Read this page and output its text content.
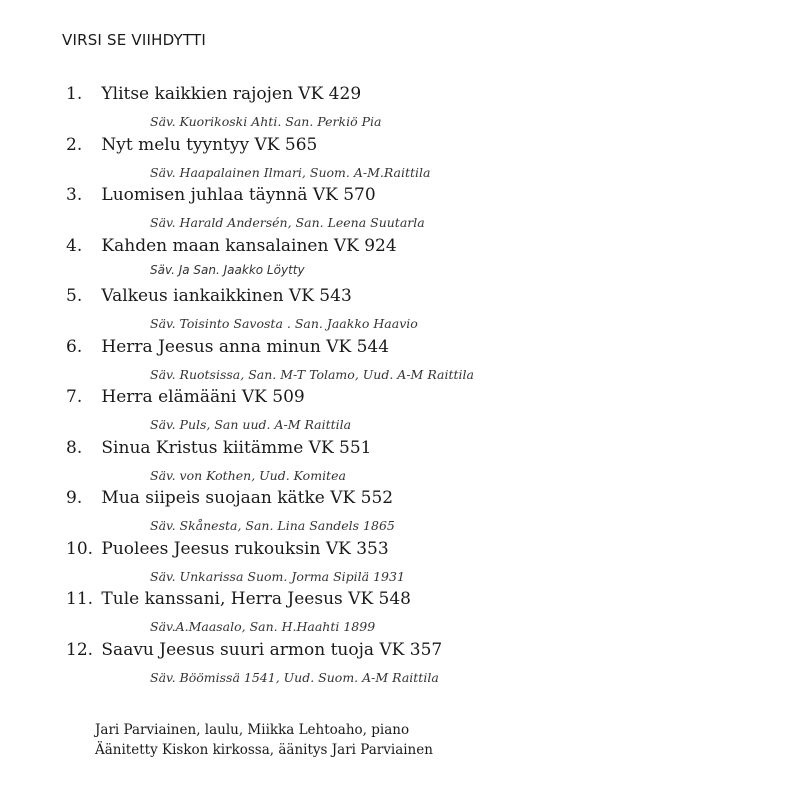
VIRSI SE VIIHDYTTI
1. Ylitse kaikkien rajojen VK 429
Säv. Kuorikoski Ahti. San. Perkiö Pia
2. Nyt melu tyyntyy VK 565
Säv. Haapalainen Ilmari, Suom. A-M.Raittila
3. Luomisen juhlaa täynnä VK 570
Säv. Harald Andersén, San. Leena Suutarla
4. Kahden maan kansalainen VK 924
Säv. Ja San. Jaakko Löytty
5. Valkeus iankaikkinen VK 543
Säv. Toisinto Savosta . San. Jaakko Haavio
6. Herra Jeesus anna minun VK 544
Säv. Ruotsissa, San. M-T Tolamo, Uud. A-M Raittila
7. Herra elämääni VK 509
Säv. Puls, San uud. A-M Raittila
8. Sinua Kristus kiitämme VK 551
Säv. von Kothen, Uud. Komitea
9. Mua siipeis suojaan kätke VK 552
Säv. Skånesta, San. Lina Sandels 1865
10. Puolees Jeesus rukouksin VK 353
Säv. Unkarissa Suom. Jorma Sipilä 1931
11. Tule kanssani, Herra Jeesus VK 548
Säv.A.Maasalo, San. H.Haahti 1899
12. Saavu Jeesus suuri armon tuoja VK 357
Säv. Böömissä 1541, Uud. Suom. A-M Raittila
Jari Parviainen, laulu, Miikka Lehtoaho, piano
Äänitetty Kiskon kirkossa, äänitys Jari Parviainen
